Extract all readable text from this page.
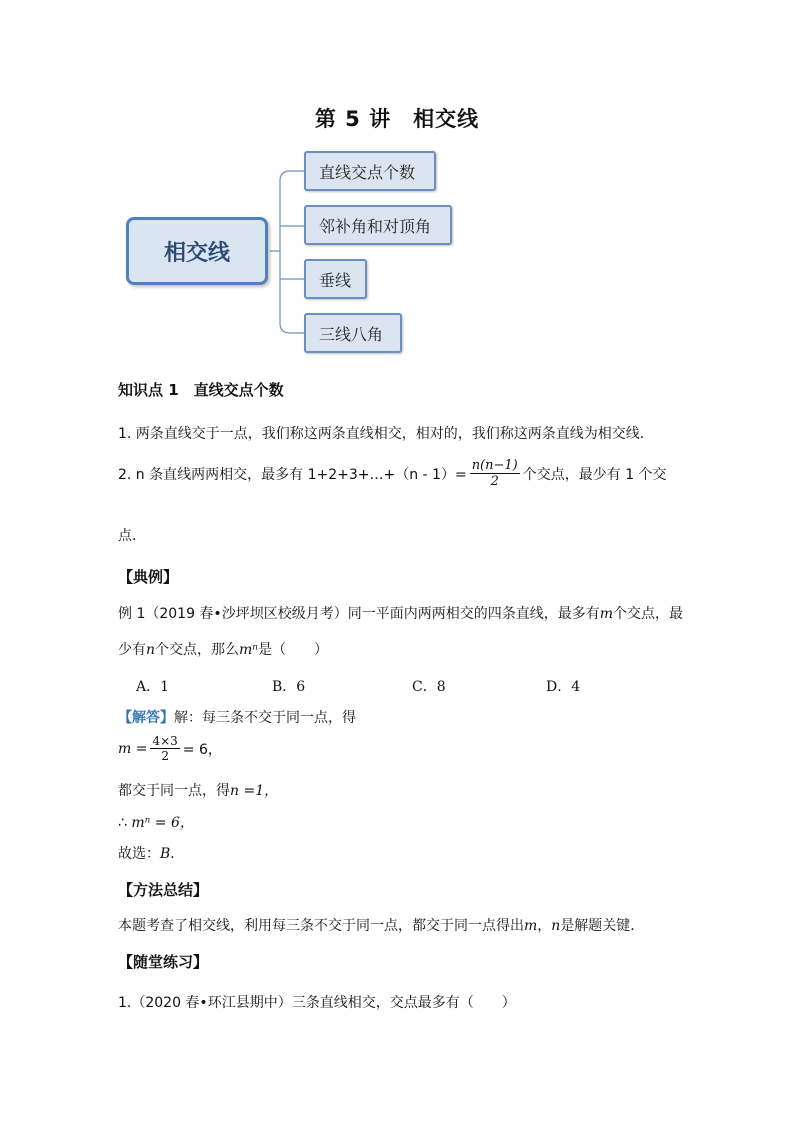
第 5 讲　相交线
相交线
直线交点个数
邻补角和对顶角
垂线
三线八角
知识点 1　直线交点个数
1. 两条直线交于一点，我们称这两条直线相交，相对的，我们称这两条直线为相交线．
2. n 条直线两两相交，最多有 1+2+3+…+（n - $1)= \frac{n(n-1)}{2}$ 个交点，最少有 1 个交
点．
【典例】
例 1（2019 春•沙坪坝区校级月考）同一平面内两两相交的四条直线，最多有m个交点，最
少有n个交点，那么mⁿ是（　　）
A．1	B．6	C．8	D．4
【解答】解：每三条不交于同一点，得
$m = \frac{4\times 3}{2} = 6$，
都交于同一点，得n =1，
∴ mⁿ = 6，
故选：B．
【方法总结】
本题考查了相交线，利用每三条不交于同一点，都交于同一点得出m，n是解题关键．
【随堂练习】
1.（2020 春•环江县期中）三条直线相交，交点最多有（　　）
